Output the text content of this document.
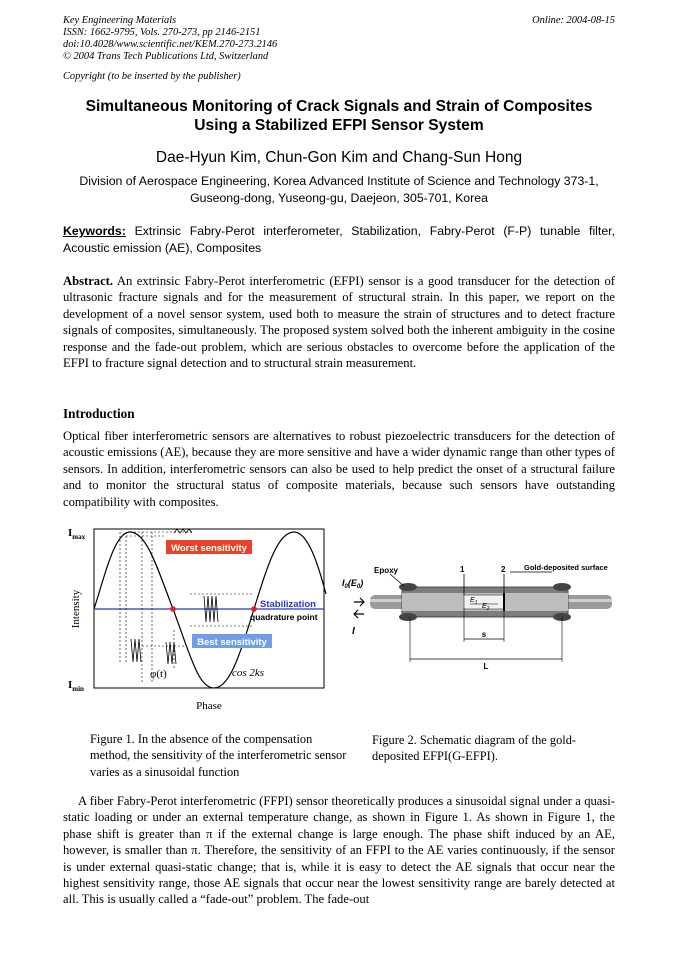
Key Engineering Materials
ISSN: 1662-9795, Vols. 270-273, pp 2146-2151
doi:10.4028/www.scientific.net/KEM.270-273.2146
© 2004 Trans Tech Publications Ltd, Switzerland
Online: 2004-08-15
Copyright (to be inserted by the publisher)
Simultaneous Monitoring of Crack Signals and Strain of Composites Using a Stabilized EFPI Sensor System
Dae-Hyun Kim, Chun-Gon Kim and Chang-Sun Hong
Division of Aerospace Engineering, Korea Advanced Institute of Science and Technology 373-1, Guseong-dong, Yuseong-gu, Daejeon, 305-701, Korea
Keywords: Extrinsic Fabry-Perot interferometer, Stabilization, Fabry-Perot (F-P) tunable filter, Acoustic emission (AE), Composites
Abstract. An extrinsic Fabry-Perot interferometric (EFPI) sensor is a good transducer for the detection of ultrasonic fracture signals and for the measurement of structural strain. In this paper, we report on the development of a novel sensor system, used both to measure the strain of structures and to detect fracture signals of composites, simultaneously. The proposed system solved both the inherent ambiguity in the cosine response and the fade-out problem, which are serious obstacles to overcome before the application of the EFPI to fracture signal detection and to structural strain measurement.
Introduction
Optical fiber interferometric sensors are alternatives to robust piezoelectric transducers for the detection of acoustic emissions (AE), because they are more sensitive and have a wider dynamic range than other types of sensors. In addition, interferometric sensors can also be used to help predict the onset of a structural failure and to monitor the structural status of composite materials, because such sensors have outstanding compatibility with composites.
Worst sensitivity
Best sensitivity
Stabilization
quadrature point
$I_{max}$
$I_{min}$
Intensity
Phase
φ(t)	cos 2ks
$I_0(E_0)$
I
Epoxy	1	2 Gold-deposited surface
$E_1$ $E_2$
s
L
Figure 1. In the absence of the compensation method, the sensitivity of the interferometric sensor varies as a sinusoidal function
Figure 2. Schematic diagram of the gold-deposited EFPI(G-EFPI).
A fiber Fabry-Perot interferometric (FFPI) sensor theoretically produces a sinusoidal signal under a quasi-static loading or under an external temperature change, as shown in Figure 1. As shown in Figure 1, the phase shift is greater than π if the external change is large enough. The phase shift induced by an AE, however, is smaller than π. Therefore, the sensitivity of an FFPI to the AE varies continuously, if the sensor is under external quasi-static change; that is, while it is easy to detect the AE signals that occur near the highest sensitivity range, those AE signals that occur near the lowest sensitivity range are barely detected at all. This is usually called a “fade-out” problem. The fade-out
